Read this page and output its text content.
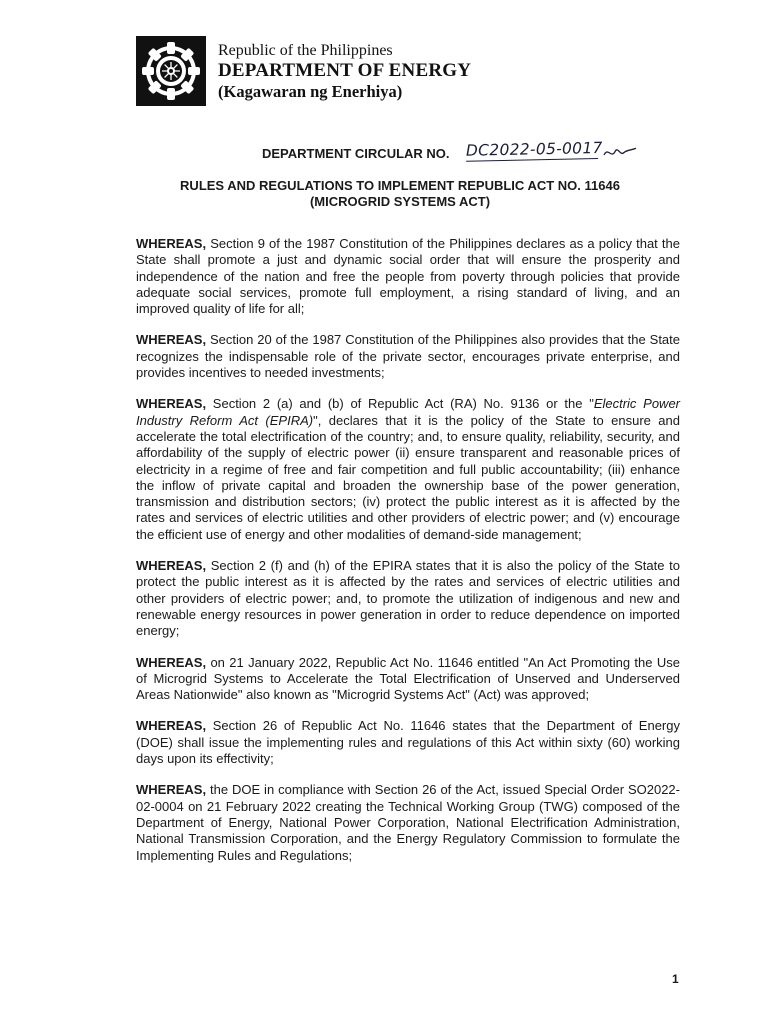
Republic of the Philippines
DEPARTMENT OF ENERGY
(Kagawaran ng Enerhiya)
DEPARTMENT CIRCULAR NO. DC2022-05-0017
RULES AND REGULATIONS TO IMPLEMENT REPUBLIC ACT NO. 11646
(MICROGRID SYSTEMS ACT)

WHEREAS, Section 9 of the 1987 Constitution of the Philippines declares as a policy that the State shall promote a just and dynamic social order that will ensure the prosperity and independence of the nation and free the people from poverty through policies that provide adequate social services, promote full employment, a rising standard of living, and an improved quality of life for all;

WHEREAS, Section 20 of the 1987 Constitution of the Philippines also provides that the State recognizes the indispensable role of the private sector, encourages private enterprise, and provides incentives to needed investments;

WHEREAS, Section 2 (a) and (b) of Republic Act (RA) No. 9136 or the "Electric Power Industry Reform Act (EPIRA)", declares that it is the policy of the State to ensure and accelerate the total electrification of the country; and, to ensure quality, reliability, security, and affordability of the supply of electric power (ii) ensure transparent and reasonable prices of electricity in a regime of free and fair competition and full public accountability; (iii) enhance the inflow of private capital and broaden the ownership base of the power generation, transmission and distribution sectors; (iv) protect the public interest as it is affected by the rates and services of electric utilities and other providers of electric power; and (v) encourage the efficient use of energy and other modalities of demand-side management;

WHEREAS, Section 2 (f) and (h) of the EPIRA states that it is also the policy of the State to protect the public interest as it is affected by the rates and services of electric utilities and other providers of electric power; and, to promote the utilization of indigenous and new and renewable energy resources in power generation in order to reduce dependence on imported energy;

WHEREAS, on 21 January 2022, Republic Act No. 11646 entitled "An Act Promoting the Use of Microgrid Systems to Accelerate the Total Electrification of Unserved and Underserved Areas Nationwide" also known as "Microgrid Systems Act" (Act) was approved;

WHEREAS, Section 26 of Republic Act No. 11646 states that the Department of Energy (DOE) shall issue the implementing rules and regulations of this Act within sixty (60) working days upon its effectivity;

WHEREAS, the DOE in compliance with Section 26 of the Act, issued Special Order SO2022-02-0004 on 21 February 2022 creating the Technical Working Group (TWG) composed of the Department of Energy, National Power Corporation, National Electrification Administration, National Transmission Corporation, and the Energy Regulatory Commission to formulate the Implementing Rules and Regulations;

1
